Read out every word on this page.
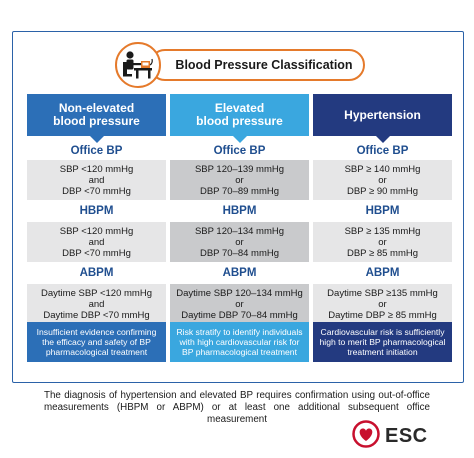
Blood Pressure Classification
Non-elevated
blood pressure
Office BP
SBP <120 mmHg
and
DBP <70 mmHg
HBPM
SBP <120 mmHg
and
DBP <70 mmHg
ABPM
Daytime SBP <120 mmHg
and
Daytime DBP <70 mmHg
Elevated
blood pressure
Office BP
SBP 120–139 mmHg
or
DBP 70–89 mmHg
HBPM
SBP 120–134 mmHg
or
DBP 70–84 mmHg
ABPM
Daytime SBP 120–134 mmHg
or
Daytime DBP 70–84 mmHg
Hypertension
Office BP
SBP ≥ 140 mmHg
or
DBP ≥ 90 mmHg
HBPM
SBP ≥ 135 mmHg
or
DBP ≥ 85 mmHg
ABPM
Daytime SBP ≥135 mmHg
or
Daytime DBP ≥ 85 mmHg
Insufficient evidence confirming the efficacy and safety of BP pharmacological treatment
Risk stratify to identify individuals with high cardiovascular risk for BP pharmacological treatment
Cardiovascular risk is sufficiently high to merit BP pharmacological treatment initiation
The diagnosis of hypertension and elevated BP requires confirmation using out-of-office measurements (HBPM or ABPM) or at least one additional subsequent office measurement
ESC
